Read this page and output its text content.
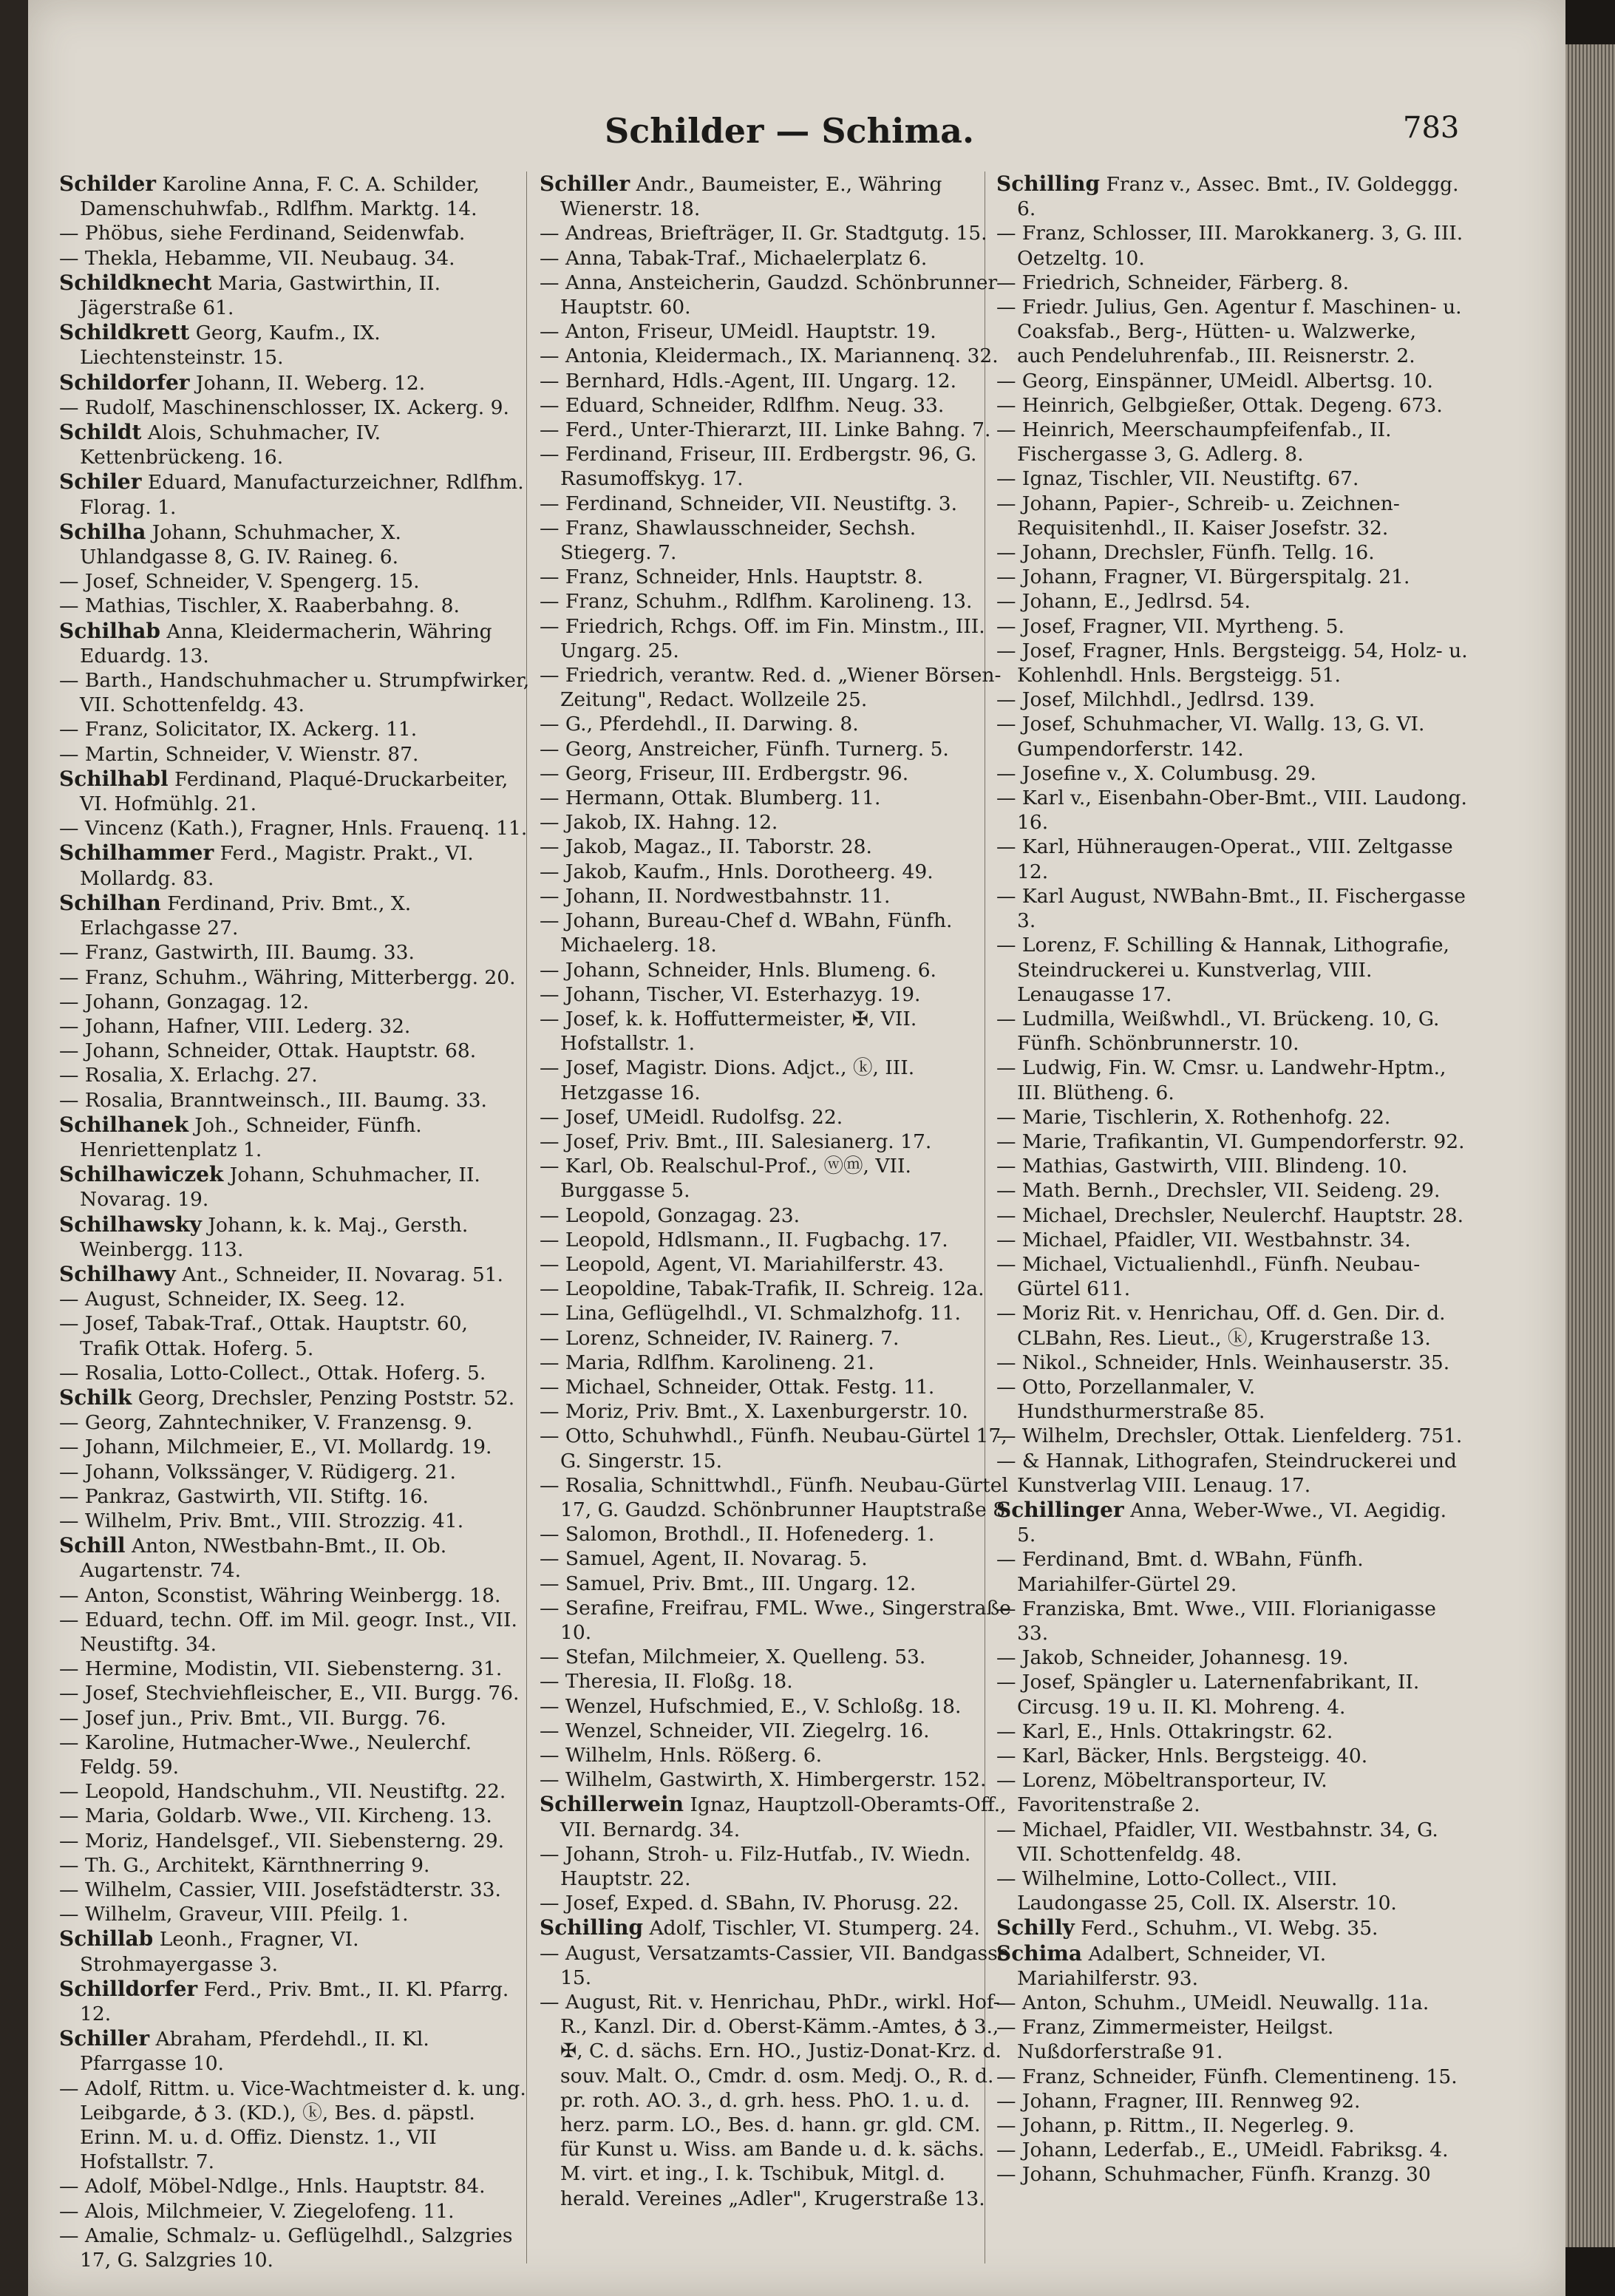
Schilder — Schima.	783

Schilder Karoline Anna, F. C. A. Schilder, Damenschuhwfab., Rdlfhm. Marktg. 14.

— Phöbus, siehe Ferdinand, Seidenwfab.

— Thekla, Hebamme, VII. Neubaug. 34.

Schildknecht Maria, Gastwirthin, II. Jägerstraße 61.

Schildkrett Georg, Kaufm., IX. Liechtensteinstr. 15.

Schildorfer Johann, II. Weberg. 12.

— Rudolf, Maschinenschlosser, IX. Ackerg. 9.

Schildt Alois, Schuhmacher, IV. Kettenbrückeng. 16.

Schiler Eduard, Manufacturzeichner, Rdlfhm. Florag. 1.

Schilha Johann, Schuhmacher, X. Uhlandgasse 8, G. IV. Raineg. 6.

— Josef, Schneider, V. Spengerg. 15.

— Mathias, Tischler, X. Raaberbahng. 8.

Schilhab Anna, Kleidermacherin, Währing Eduardg. 13.

— Barth., Handschuhmacher u. Strumpfwirker, VII. Schottenfeldg. 43.

— Franz, Solicitator, IX. Ackerg. 11.

— Martin, Schneider, V. Wienstr. 87.

Schilhabl Ferdinand, Plaqué-Druckarbeiter, VI. Hofmühlg. 21.

— Vincenz (Kath.), Fragner, Hnls. Frauenq. 11.

Schilhammer Ferd., Magistr. Prakt., VI. Mollardg. 83.

Schilhan Ferdinand, Priv. Bmt., X. Erlachgasse 27.

— Franz, Gastwirth, III. Baumg. 33.

— Franz, Schuhm., Währing, Mitterbergg. 20.

— Johann, Gonzagag. 12.

— Johann, Hafner, VIII. Lederg. 32.

— Johann, Schneider, Ottak. Hauptstr. 68.

— Rosalia, X. Erlachg. 27.

— Rosalia, Branntweinsch., III. Baumg. 33.

Schilhanek Joh., Schneider, Fünfh. Henriettenplatz 1.

Schilhawiczek Johann, Schuhmacher, II. Novarag. 19.

Schilhawsky Johann, k. k. Maj., Gersth. Weinbergg. 113.

Schilhawy Ant., Schneider, II. Novarag. 51.

— August, Schneider, IX. Seeg. 12.

— Josef, Tabak-Traf., Ottak. Hauptstr. 60, Trafik Ottak. Hoferg. 5.

— Rosalia, Lotto-Collect., Ottak. Hoferg. 5.

Schilk Georg, Drechsler, Penzing Poststr. 52.

— Georg, Zahntechniker, V. Franzensg. 9.

— Johann, Milchmeier, E., VI. Mollardg. 19.

— Johann, Volkssänger, V. Rüdigerg. 21.

— Pankraz, Gastwirth, VII. Stiftg. 16.

— Wilhelm, Priv. Bmt., VIII. Strozzig. 41.

Schill Anton, NWestbahn-Bmt., II. Ob. Augartenstr. 74.

— Anton, Sconstist, Währing Weinbergg. 18.

— Eduard, techn. Off. im Mil. geogr. Inst., VII. Neustiftg. 34.

— Hermine, Modistin, VII. Siebensterng. 31.

— Josef, Stechviehfleischer, E., VII. Burgg. 76.

— Josef jun., Priv. Bmt., VII. Burgg. 76.

— Karoline, Hutmacher-Wwe., Neulerchf. Feldg. 59.

— Leopold, Handschuhm., VII. Neustiftg. 22.

— Maria, Goldarb. Wwe., VII. Kircheng. 13.

— Moriz, Handelsgef., VII. Siebensterng. 29.

— Th. G., Architekt, Kärnthnerring 9.

— Wilhelm, Cassier, VIII. Josefstädterstr. 33.

— Wilhelm, Graveur, VIII. Pfeilg. 1.

Schillab Leonh., Fragner, VI. Strohmayergasse 3.

Schilldorfer Ferd., Priv. Bmt., II. Kl. Pfarrg. 12.

Schiller Abraham, Pferdehdl., II. Kl. Pfarrgasse 10.

— Adolf, Rittm. u. Vice-Wachtmeister d. k. ung. Leibgarde, ♁ 3. (KD.), ⓚ, Bes. d. päpstl. Erinn. M. u. d. Offiz. Dienstz. 1., VII Hofstallstr. 7.

— Adolf, Möbel-Ndlge., Hnls. Hauptstr. 84.

— Alois, Milchmeier, V. Ziegelofeng. 11.

— Amalie, Schmalz- u. Geflügelhdl., Salzgries 17, G. Salzgries 10.

Schiller Andr., Baumeister, E., Währing Wienerstr. 18.

— Andreas, Briefträger, II. Gr. Stadtgutg. 15.

— Anna, Tabak-Traf., Michaelerplatz 6.

— Anna, Ansteicherin, Gaudzd. Schönbrunner Hauptstr. 60.

— Anton, Friseur, UMeidl. Hauptstr. 19.

— Antonia, Kleidermach., IX. Mariannenq. 32.

— Bernhard, Hdls.-Agent, III. Ungarg. 12.

— Eduard, Schneider, Rdlfhm. Neug. 33.

— Ferd., Unter-Thierarzt, III. Linke Bahng. 7.

— Ferdinand, Friseur, III. Erdbergstr. 96, G. Rasumoffskyg. 17.

— Ferdinand, Schneider, VII. Neustiftg. 3.

— Franz, Shawlausschneider, Sechsh. Stiegerg. 7.

— Franz, Schneider, Hnls. Hauptstr. 8.

— Franz, Schuhm., Rdlfhm. Karolineng. 13.

— Friedrich, Rchgs. Off. im Fin. Minstm., III. Ungarg. 25.

— Friedrich, verantw. Red. d. „Wiener Börsen-Zeitung", Redact. Wollzeile 25.

— G., Pferdehdl., II. Darwing. 8.

— Georg, Anstreicher, Fünfh. Turnerg. 5.

— Georg, Friseur, III. Erdbergstr. 96.

— Hermann, Ottak. Blumberg. 11.

— Jakob, IX. Hahng. 12.

— Jakob, Magaz., II. Taborstr. 28.

— Jakob, Kaufm., Hnls. Dorotheerg. 49.

— Johann, II. Nordwestbahnstr. 11.

— Johann, Bureau-Chef d. WBahn, Fünfh. Michaelerg. 18.

— Johann, Schneider, Hnls. Blumeng. 6.

— Johann, Tischer, VI. Esterhazyg. 19.

— Josef, k. k. Hoffuttermeister, ✠, VII. Hofstallstr. 1.

— Josef, Magistr. Dions. Adjct., ⓚ, III. Hetzgasse 16.

— Josef, UMeidl. Rudolfsg. 22.

— Josef, Priv. Bmt., III. Salesianerg. 17.

— Karl, Ob. Realschul-Prof., ⓦⓜ, VII. Burggasse 5.

— Leopold, Gonzagag. 23.

— Leopold, Hdlsmann., II. Fugbachg. 17.

— Leopold, Agent, VI. Mariahilferstr. 43.

— Leopoldine, Tabak-Trafik, II. Schreig. 12a.

— Lina, Geflügelhdl., VI. Schmalzhofg. 11.

— Lorenz, Schneider, IV. Rainerg. 7.

— Maria, Rdlfhm. Karolineng. 21.

— Michael, Schneider, Ottak. Festg. 11.

— Moriz, Priv. Bmt., X. Laxenburgerstr. 10.

— Otto, Schuhwhdl., Fünfh. Neubau-Gürtel 17, G. Singerstr. 15.

— Rosalia, Schnittwhdl., Fünfh. Neubau-Gürtel 17, G. Gaudzd. Schönbrunner Hauptstraße 8.

— Salomon, Brothdl., II. Hofenederg. 1.

— Samuel, Agent, II. Novarag. 5.

— Samuel, Priv. Bmt., III. Ungarg. 12.

— Serafine, Freifrau, FML. Wwe., Singerstraße 10.

— Stefan, Milchmeier, X. Quelleng. 53.

— Theresia, II. Floßg. 18.

— Wenzel, Hufschmied, E., V. Schloßg. 18.

— Wenzel, Schneider, VII. Ziegelrg. 16.

— Wilhelm, Hnls. Rößerg. 6.

— Wilhelm, Gastwirth, X. Himbergerstr. 152.

Schillerwein Ignaz, Hauptzoll-Oberamts-Off., VII. Bernardg. 34.

— Johann, Stroh- u. Filz-Hutfab., IV. Wiedn. Hauptstr. 22.

— Josef, Exped. d. SBahn, IV. Phorusg. 22.

Schilling Adolf, Tischler, VI. Stumperg. 24.

— August, Versatzamts-Cassier, VII. Bandgasse 15.

— August, Rit. v. Henrichau, PhDr., wirkl. Hof-R., Kanzl. Dir. d. Oberst-Kämm.-Amtes, ♁ 3., ✠, C. d. sächs. Ern. HO., Justiz-Donat-Krz. d. souv. Malt. O., Cmdr. d. osm. Medj. O., R. d. pr. roth. AO. 3., d. grh. hess. PhO. 1. u. d. herz. parm. LO., Bes. d. hann. gr. gld. CM. für Kunst u. Wiss. am Bande u. d. k. sächs. M. virt. et ing., I. k. Tschibuk, Mitgl. d. herald. Vereines „Adler", Krugerstraße 13.

Schilling Franz v., Assec. Bmt., IV. Goldeggg. 6.

— Franz, Schlosser, III. Marokkanerg. 3, G. III. Oetzeltg. 10.

— Friedrich, Schneider, Färberg. 8.

— Friedr. Julius, Gen. Agentur f. Maschinen- u. Coaksfab., Berg-, Hütten- u. Walzwerke, auch Pendeluhrenfab., III. Reisnerstr. 2.

— Georg, Einspänner, UMeidl. Albertsg. 10.

— Heinrich, Gelbgießer, Ottak. Degeng. 673.

— Heinrich, Meerschaumpfeifenfab., II. Fischergasse 3, G. Adlerg. 8.

— Ignaz, Tischler, VII. Neustiftg. 67.

— Johann, Papier-, Schreib- u. Zeichnen-Requisitenhdl., II. Kaiser Josefstr. 32.

— Johann, Drechsler, Fünfh. Tellg. 16.

— Johann, Fragner, VI. Bürgerspitalg. 21.

— Johann, E., Jedlrsd. 54.

— Josef, Fragner, VII. Myrtheng. 5.

— Josef, Fragner, Hnls. Bergsteigg. 54, Holz- u. Kohlenhdl. Hnls. Bergsteigg. 51.

— Josef, Milchhdl., Jedlrsd. 139.

— Josef, Schuhmacher, VI. Wallg. 13, G. VI. Gumpendorferstr. 142.

— Josefine v., X. Columbusg. 29.

— Karl v., Eisenbahn-Ober-Bmt., VIII. Laudong. 16.

— Karl, Hühneraugen-Operat., VIII. Zeltgasse 12.

— Karl August, NWBahn-Bmt., II. Fischergasse 3.

— Lorenz, F. Schilling & Hannak, Lithografie, Steindruckerei u. Kunstverlag, VIII. Lenaugasse 17.

— Ludmilla, Weißwhdl., VI. Brückeng. 10, G. Fünfh. Schönbrunnerstr. 10.

— Ludwig, Fin. W. Cmsr. u. Landwehr-Hptm., III. Blütheng. 6.

— Marie, Tischlerin, X. Rothenhofg. 22.

— Marie, Trafikantin, VI. Gumpendorferstr. 92.

— Mathias, Gastwirth, VIII. Blindeng. 10.

— Math. Bernh., Drechsler, VII. Seideng. 29.

— Michael, Drechsler, Neulerchf. Hauptstr. 28.

— Michael, Pfaidler, VII. Westbahnstr. 34.

— Michael, Victualienhdl., Fünfh. Neubau-Gürtel 611.

— Moriz Rit. v. Henrichau, Off. d. Gen. Dir. d. CLBahn, Res. Lieut., ⓚ, Krugerstraße 13.

— Nikol., Schneider, Hnls. Weinhauserstr. 35.

— Otto, Porzellanmaler, V. Hundsthurmerstraße 85.

— Wilhelm, Drechsler, Ottak. Lienfelderg. 751.

— & Hannak, Lithografen, Steindruckerei und Kunstverlag VIII. Lenaug. 17.

Schillinger Anna, Weber-Wwe., VI. Aegidig. 5.

— Ferdinand, Bmt. d. WBahn, Fünfh. Mariahilfer-Gürtel 29.

— Franziska, Bmt. Wwe., VIII. Florianigasse 33.

— Jakob, Schneider, Johannesg. 19.

— Josef, Spängler u. Laternenfabrikant, II. Circusg. 19 u. II. Kl. Mohreng. 4.

— Karl, E., Hnls. Ottakringstr. 62.

— Karl, Bäcker, Hnls. Bergsteigg. 40.

— Lorenz, Möbeltransporteur, IV. Favoritenstraße 2.

— Michael, Pfaidler, VII. Westbahnstr. 34, G. VII. Schottenfeldg. 48.

— Wilhelmine, Lotto-Collect., VIII. Laudongasse 25, Coll. IX. Alserstr. 10.

Schilly Ferd., Schuhm., VI. Webg. 35.

Schima Adalbert, Schneider, VI. Mariahilferstr. 93.

— Anton, Schuhm., UMeidl. Neuwallg. 11a.

— Franz, Zimmermeister, Heilgst. Nußdorferstraße 91.

— Franz, Schneider, Fünfh. Clementineng. 15.

— Johann, Fragner, III. Rennweg 92.

— Johann, p. Rittm., II. Negerleg. 9.

— Johann, Lederfab., E., UMeidl. Fabriksg. 4.

— Johann, Schuhmacher, Fünfh. Kranzg. 30
